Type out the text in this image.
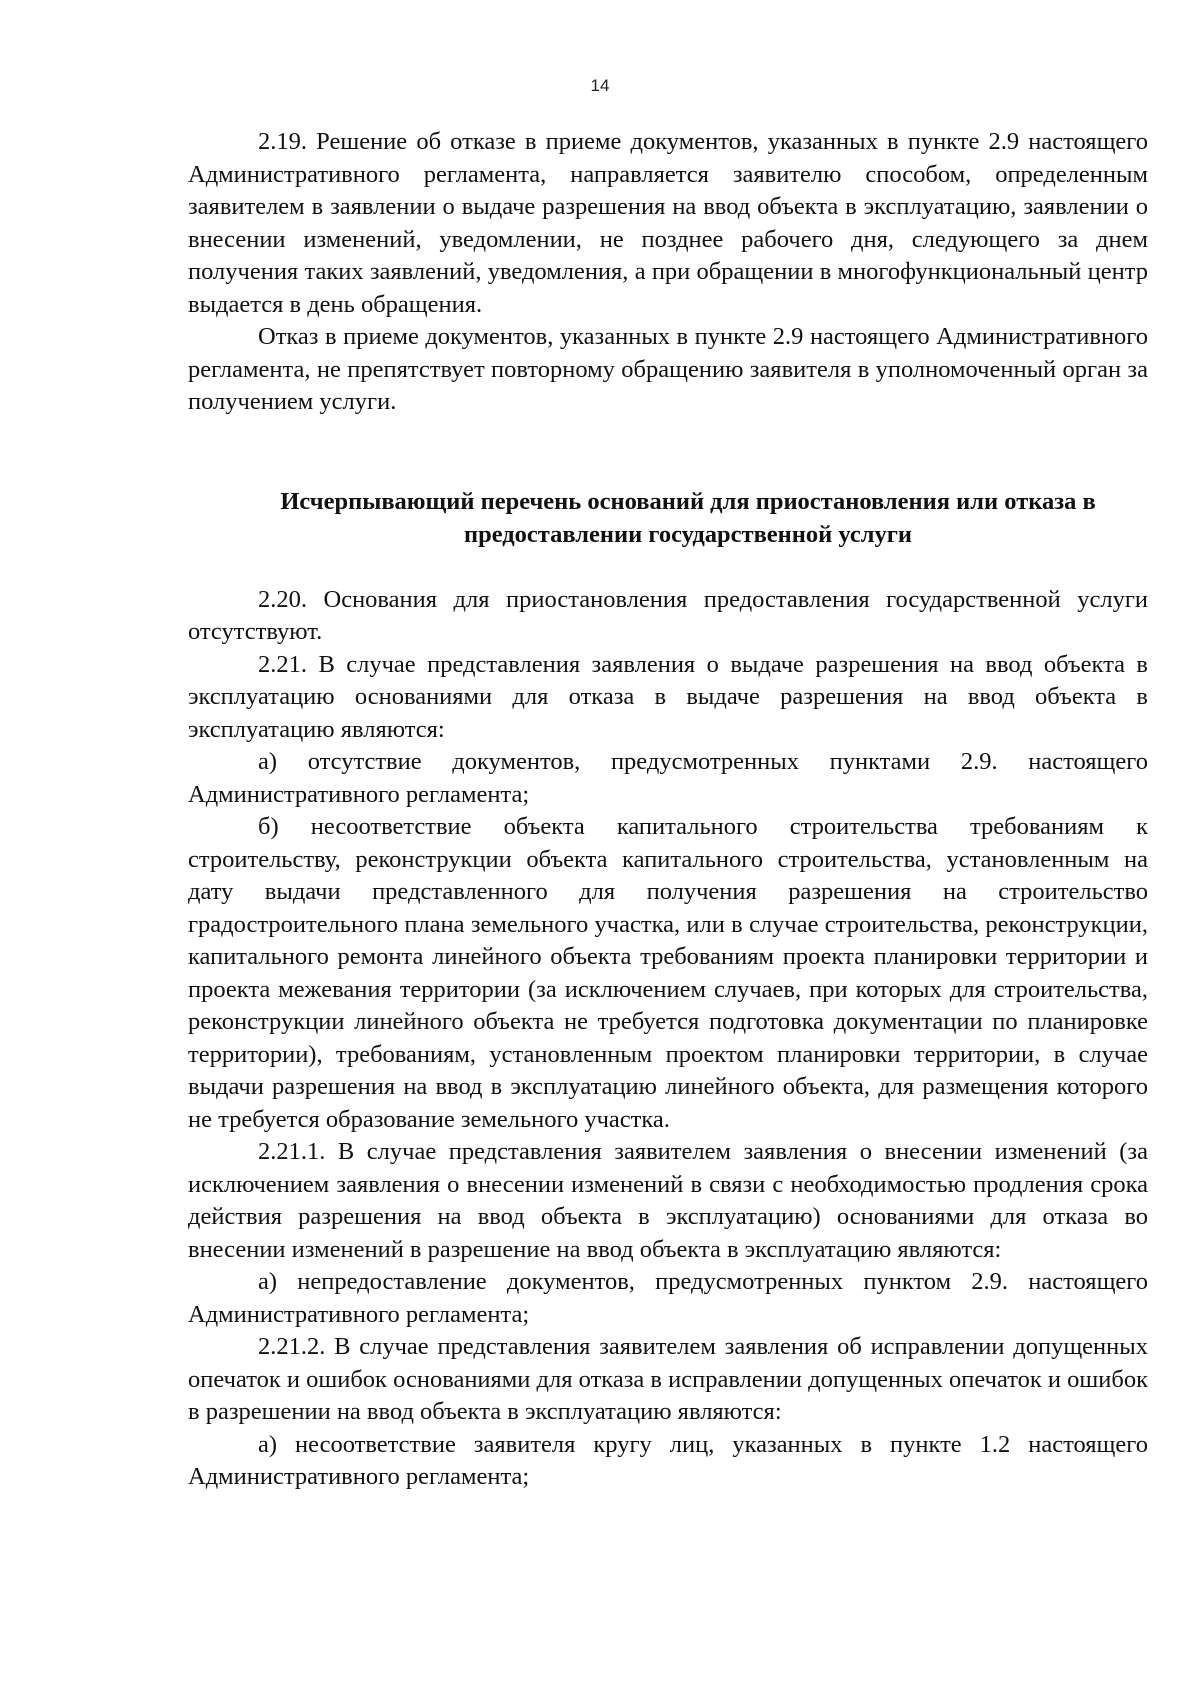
14

2.19. Решение об отказе в приеме документов, указанных в пункте 2.9 настоящего Административного регламента, направляется заявителю способом, определенным заявителем в заявлении о выдаче разрешения на ввод объекта в эксплуатацию, заявлении о внесении изменений, уведомлении, не позднее рабочего дня, следующего за днем получения таких заявлений, уведомления, а при обращении в многофункциональный центр выдается в день обращения.

Отказ в приеме документов, указанных в пункте 2.9 настоящего Административного регламента, не препятствует повторному обращению заявителя в уполномоченный орган за получением услуги.

Исчерпывающий перечень оснований для приостановления или отказа в предоставлении государственной услуги

2.20. Основания для приостановления предоставления государственной услуги отсутствуют.

2.21. В случае представления заявления о выдаче разрешения на ввод объекта в эксплуатацию основаниями для отказа в выдаче разрешения на ввод объекта в эксплуатацию являются:

а) отсутствие документов, предусмотренных пунктами 2.9. настоящего Административного регламента;

б) несоответствие объекта капитального строительства требованиям к строительству, реконструкции объекта капитального строительства, установленным на дату выдачи представленного для получения разрешения на строительство градостроительного плана земельного участка, или в случае строительства, реконструкции, капитального ремонта линейного объекта требованиям проекта планировки территории и проекта межевания территории (за исключением случаев, при которых для строительства, реконструкции линейного объекта не требуется подготовка документации по планировке территории), требованиям, установленным проектом планировки территории, в случае выдачи разрешения на ввод в эксплуатацию линейного объекта, для размещения которого не требуется образование земельного участка.

2.21.1. В случае представления заявителем заявления о внесении изменений (за исключением заявления о внесении изменений в связи с необходимостью продления срока действия разрешения на ввод объекта в эксплуатацию) основаниями для отказа во внесении изменений в разрешение на ввод объекта в эксплуатацию являются:

а) непредоставление документов, предусмотренных пунктом 2.9. настоящего Административного регламента;

2.21.2. В случае представления заявителем заявления об исправлении допущенных опечаток и ошибок основаниями для отказа в исправлении допущенных опечаток и ошибок в разрешении на ввод объекта в эксплуатацию являются:

а) несоответствие заявителя кругу лиц, указанных в пункте 1.2 настоящего Административного регламента;
